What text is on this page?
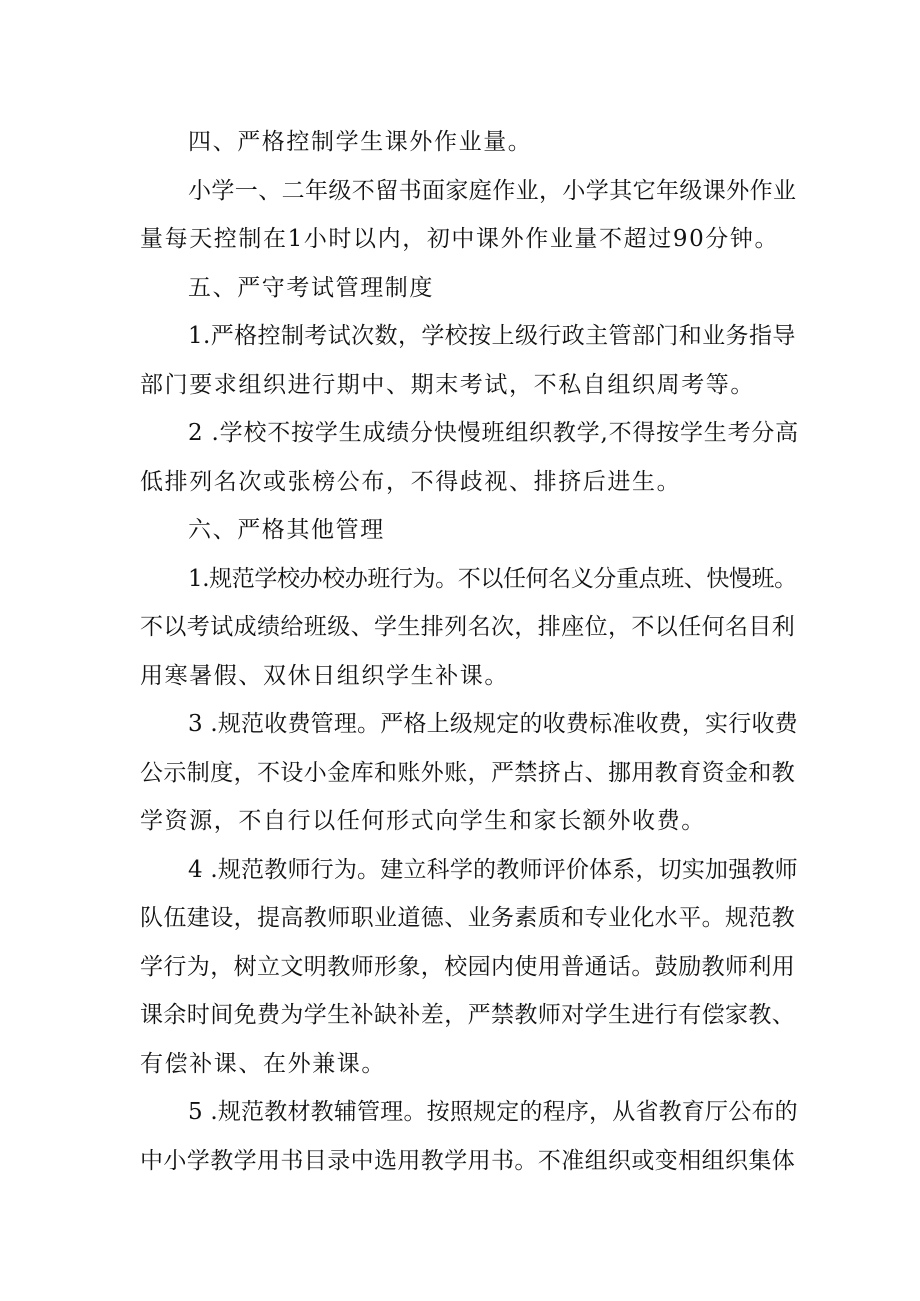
四、严格控制学生课外作业量。
小学一、二年级不留书面家庭作业，小学其它年级课外作业
量每天控制在1小时以内，初中课外作业量不超过90分钟。
五、严守考试管理制度
1.严格控制考试次数，学校按上级行政主管部门和业务指导
部门要求组织进行期中、期末考试，不私自组织周考等。
2 .学校不按学生成绩分快慢班组织教学,不得按学生考分高
低排列名次或张榜公布，不得歧视、排挤后进生。
六、严格其他管理
1.规范学校办校办班行为。不以任何名义分重点班、快慢班。
不以考试成绩给班级、学生排列名次，排座位，不以任何名目利
用寒暑假、双休日组织学生补课。
3 .规范收费管理。严格上级规定的收费标准收费，实行收费
公示制度，不设小金库和账外账，严禁挤占、挪用教育资金和教
学资源，不自行以任何形式向学生和家长额外收费。
4 .规范教师行为。建立科学的教师评价体系，切实加强教师
队伍建设，提高教师职业道德、业务素质和专业化水平。规范教
学行为，树立文明教师形象，校园内使用普通话。鼓励教师利用
课余时间免费为学生补缺补差，严禁教师对学生进行有偿家教、
有偿补课、在外兼课。
5 .规范教材教辅管理。按照规定的程序，从省教育厅公布的
中小学教学用书目录中选用教学用书。不准组织或变相组织集体
